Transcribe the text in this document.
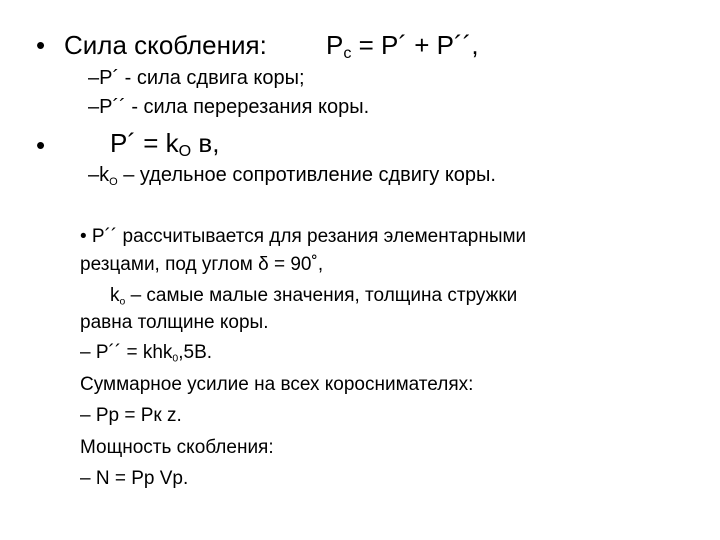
• Сила скобления: $P_c$ = P´ + P´´,
–P´ - сила сдвига коры;
–P´´ - сила перерезания коры.
• P´ = $k_O$ в,
$-k_O$ – удельное сопротивление сдвигу коры.
• P´´ рассчитывается для резания элементарными
резцами, под углом δ = 90˚,
$k_o$ – самые малые значения, толщина стружки
равна толщине коры.
– P´´ = khk$_0$,5B.
Суммарное усилие на всех короснимателях:
– Pp = Pк z.
Мощность скобления:
– N = Pp Vp.
